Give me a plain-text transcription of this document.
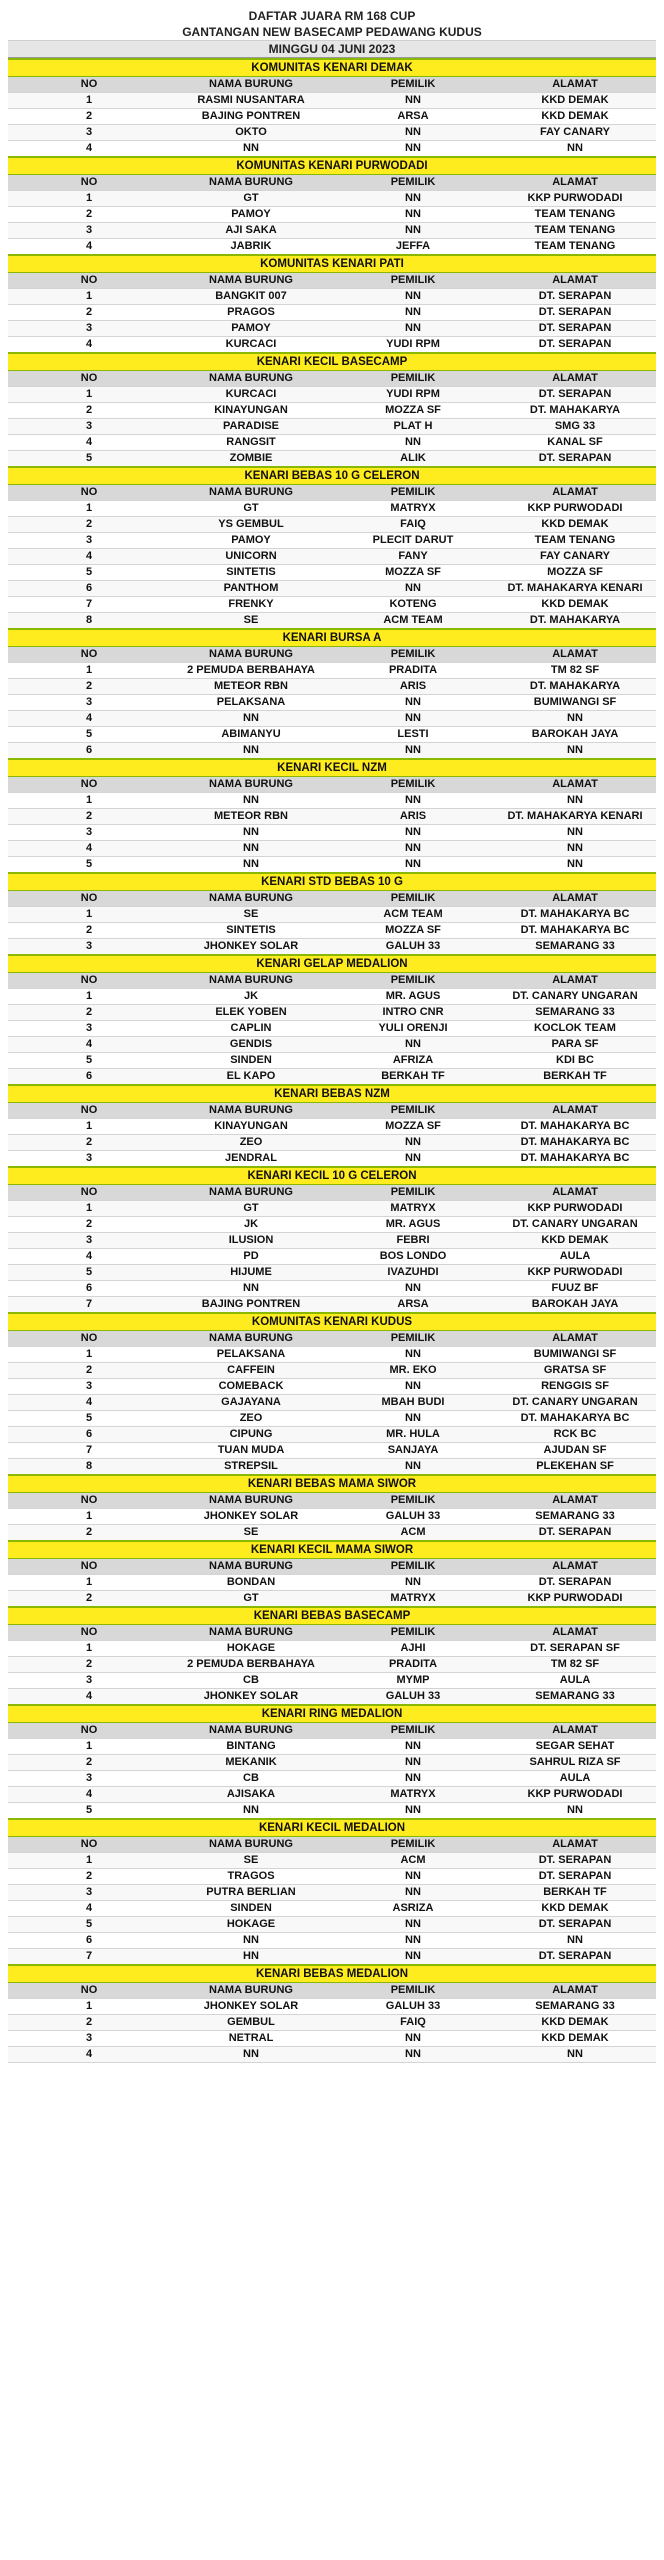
DAFTAR JUARA RM 168 CUP
GANTANGAN NEW BASECAMP PEDAWANG KUDUS
MINGGU 04 JUNI 2023
KOMUNITAS KENARI DEMAK			
NO	NAMA BURUNG	PEMILIK	ALAMAT
1	RASMI NUSANTARA	NN	KKD DEMAK
2	BAJING PONTREN	ARSA	KKD DEMAK
3	OKTO	NN	FAY CANARY
4	NN	NN	NN
KOMUNITAS KENARI PURWODADI			
NO	NAMA BURUNG	PEMILIK	ALAMAT
1	GT	NN	KKP PURWODADI
2	PAMOY	NN	TEAM TENANG
3	AJI SAKA	NN	TEAM TENANG
4	JABRIK	JEFFA	TEAM TENANG
KOMUNITAS KENARI PATI			
NO	NAMA BURUNG	PEMILIK	ALAMAT
1	BANGKIT 007	NN	DT. SERAPAN
2	PRAGOS	NN	DT. SERAPAN
3	PAMOY	NN	DT. SERAPAN
4	KURCACI	YUDI RPM	DT. SERAPAN
KENARI KECIL BASECAMP			
NO	NAMA BURUNG	PEMILIK	ALAMAT
1	KURCACI	YUDI RPM	DT. SERAPAN
2	KINAYUNGAN	MOZZA SF	DT. MAHAKARYA
3	PARADISE	PLAT H	SMG 33
4	RANGSIT	NN	KANAL SF
5	ZOMBIE	ALIK	DT. SERAPAN
KENARI BEBAS 10 G CELERON			
NO	NAMA BURUNG	PEMILIK	ALAMAT
1	GT	MATRYX	KKP PURWODADI
2	YS GEMBUL	FAIQ	KKD DEMAK
3	PAMOY	PLECIT DARUT	TEAM TENANG
4	UNICORN	FANY	FAY CANARY
5	SINTETIS	MOZZA SF	MOZZA SF
6	PANTHOM	NN	DT. MAHAKARYA KENARI
7	FRENKY	KOTENG	KKD DEMAK
8	SE	ACM TEAM	DT. MAHAKARYA
KENARI BURSA A			
NO	NAMA BURUNG	PEMILIK	ALAMAT
1	2 PEMUDA BERBAHAYA	PRADITA	TM 82 SF
2	METEOR RBN	ARIS	DT. MAHAKARYA
3	PELAKSANA	NN	BUMIWANGI SF
4	NN	NN	NN
5	ABIMANYU	LESTI	BAROKAH JAYA
6	NN	NN	NN
KENARI KECIL NZM			
NO	NAMA BURUNG	PEMILIK	ALAMAT
1	NN	NN	NN
2	METEOR RBN	ARIS	DT. MAHAKARYA KENARI
3	NN	NN	NN
4	NN	NN	NN
5	NN	NN	NN
KENARI STD BEBAS 10 G			
NO	NAMA BURUNG	PEMILIK	ALAMAT
1	SE	ACM TEAM	DT. MAHAKARYA BC
2	SINTETIS	MOZZA SF	DT. MAHAKARYA BC
3	JHONKEY SOLAR	GALUH 33	SEMARANG 33
KENARI GELAP MEDALION			
NO	NAMA BURUNG	PEMILIK	ALAMAT
1	JK	MR. AGUS	DT. CANARY UNGARAN
2	ELEK YOBEN	INTRO CNR	SEMARANG 33
3	CAPLIN	YULI ORENJI	KOCLOK TEAM
4	GENDIS	NN	PARA SF
5	SINDEN	AFRIZA	KDI BC
6	EL KAPO	BERKAH TF	BERKAH TF
KENARI BEBAS NZM			
NO	NAMA BURUNG	PEMILIK	ALAMAT
1	KINAYUNGAN	MOZZA SF	DT. MAHAKARYA BC
2	ZEO	NN	DT. MAHAKARYA BC
3	JENDRAL	NN	DT. MAHAKARYA BC
KENARI KECIL 10 G CELERON			
NO	NAMA BURUNG	PEMILIK	ALAMAT
1	GT	MATRYX	KKP PURWODADI
2	JK	MR. AGUS	DT. CANARY UNGARAN
3	ILUSION	FEBRI	KKD DEMAK
4	PD	BOS LONDO	AULA
5	HIJUME	IVAZUHDI	KKP PURWODADI
6	NN	NN	FUUZ BF
7	BAJING PONTREN	ARSA	BAROKAH JAYA
KOMUNITAS KENARI KUDUS			
NO	NAMA BURUNG	PEMILIK	ALAMAT
1	PELAKSANA	NN	BUMIWANGI SF
2	CAFFEIN	MR. EKO	GRATSA SF
3	COMEBACK	NN	RENGGIS SF
4	GAJAYANA	MBAH BUDI	DT. CANARY UNGARAN
5	ZEO	NN	DT. MAHAKARYA BC
6	CIPUNG	MR. HULA	RCK BC
7	TUAN MUDA	SANJAYA	AJUDAN SF
8	STREPSIL	NN	PLEKEHAN SF
KENARI BEBAS MAMA SIWOR			
NO	NAMA BURUNG	PEMILIK	ALAMAT
1	JHONKEY SOLAR	GALUH 33	SEMARANG 33
2	SE	ACM	DT. SERAPAN
KENARI KECIL MAMA SIWOR			
NO	NAMA BURUNG	PEMILIK	ALAMAT
1	BONDAN	NN	DT. SERAPAN
2	GT	MATRYX	KKP PURWODADI
KENARI BEBAS BASECAMP			
NO	NAMA BURUNG	PEMILIK	ALAMAT
1	HOKAGE	AJHI	DT. SERAPAN SF
2	2 PEMUDA BERBAHAYA	PRADITA	TM 82 SF
3	CB	MYMP	AULA
4	JHONKEY SOLAR	GALUH 33	SEMARANG 33
KENARI RING MEDALION			
NO	NAMA BURUNG	PEMILIK	ALAMAT
1	BINTANG	NN	SEGAR SEHAT
2	MEKANIK	NN	SAHRUL RIZA SF
3	CB	NN	AULA
4	AJISAKA	MATRYX	KKP PURWODADI
5	NN	NN	NN
KENARI KECIL MEDALION			
NO	NAMA BURUNG	PEMILIK	ALAMAT
1	SE	ACM	DT. SERAPAN
2	TRAGOS	NN	DT. SERAPAN
3	PUTRA BERLIAN	NN	BERKAH TF
4	SINDEN	ASRIZA	KKD DEMAK
5	HOKAGE	NN	DT. SERAPAN
6	NN	NN	NN
7	HN	NN	DT. SERAPAN
KENARI BEBAS MEDALION			
NO	NAMA BURUNG	PEMILIK	ALAMAT
1	JHONKEY SOLAR	GALUH 33	SEMARANG 33
2	GEMBUL	FAIQ	KKD DEMAK
3	NETRAL	NN	KKD DEMAK
4	NN	NN	NN
